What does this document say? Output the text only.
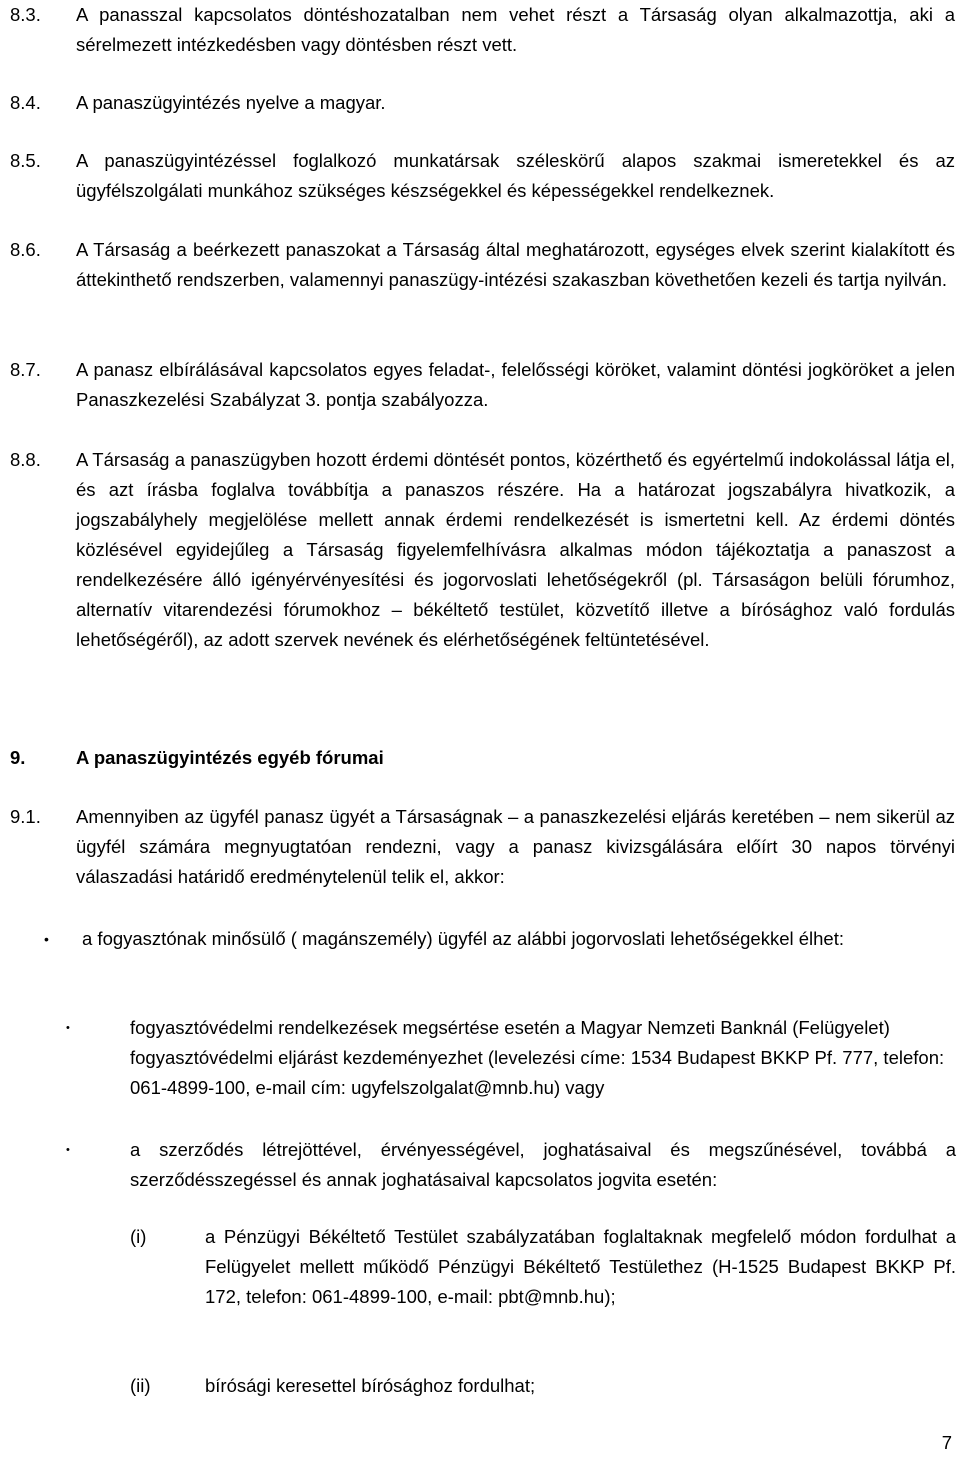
8.3. A panasszal kapcsolatos döntéshozatalban nem vehet részt a Társaság olyan alkalmazottja, aki a sérelmezett intézkedésben vagy döntésben részt vett.
8.4. A panaszügyintézés nyelve a magyar.
8.5. A panaszügyintézéssel foglalkozó munkatársak széleskörű alapos szakmai ismeretekkel és az ügyfélszolgálati munkához szükséges készségekkel és képességekkel rendelkeznek.
8.6. A Társaság a beérkezett panaszokat a Társaság által meghatározott, egységes elvek szerint kialakított és áttekinthető rendszerben, valamennyi panaszügy-intézési szakaszban követhetően kezeli és tartja nyilván.
8.7. A panasz elbírálásával kapcsolatos egyes feladat-, felelősségi köröket, valamint döntési jogköröket a jelen Panaszkezelési Szabályzat 3. pontja szabályozza.
8.8. A Társaság a panaszügyben hozott érdemi döntését pontos, közérthető és egyértelmű indokolással látja el, és azt írásba foglalva továbbítja a panaszos részére. Ha a határozat jogszabályra hivatkozik, a jogszabályhely megjelölése mellett annak érdemi rendelkezését is ismertetni kell. Az érdemi döntés közlésével egyidejűleg a Társaság figyelemfelhívásra alkalmas módon tájékoztatja a panaszost a rendelkezésére álló igényérvényesítési és jogorvoslati lehetőségekről (pl. Társaságon belüli fórumhoz, alternatív vitarendezési fórumokhoz – békéltető testület, közvetítő illetve a bírósághoz való fordulás lehetőségéről), az adott szervek nevének és elérhetőségének feltüntetésével.
9.	A panaszügyintézés egyéb fórumai
9.1. Amennyiben az ügyfél panasz ügyét a Társaságnak – a panaszkezelési eljárás keretében – nem sikerül az ügyfél számára megnyugtatóan rendezni, vagy a panasz kivizsgálására előírt 30 napos törvényi válaszadási határidő eredménytelenül telik el, akkor:
• a fogyasztónak minősülő ( magánszemély) ügyfél az alábbi jogorvoslati lehetőségekkel élhet:
•	fogyasztóvédelmi rendelkezések megsértése esetén a Magyar Nemzeti Banknál (Felügyelet) fogyasztóvédelmi eljárást kezdeményezhet (levelezési címe: 1534 Budapest BKKP Pf. 777, telefon: 061-4899-100, e-mail cím: ugyfelszolgalat@mnb.hu) vagy
•	a szerződés létrejöttével, érvényességével, joghatásaival és megszűnésével, továbbá a szerződésszegéssel és annak joghatásaival kapcsolatos jogvita esetén:
(i)	a Pénzügyi Békéltető Testület szabályzatában foglaltaknak megfelelő módon fordulhat a Felügyelet mellett működő Pénzügyi Békéltető Testülethez (H-1525 Budapest BKKP Pf. 172, telefon: 061-4899-100, e-mail: pbt@mnb.hu);
(ii)	bírósági keresettel bírósághoz fordulhat;
7
